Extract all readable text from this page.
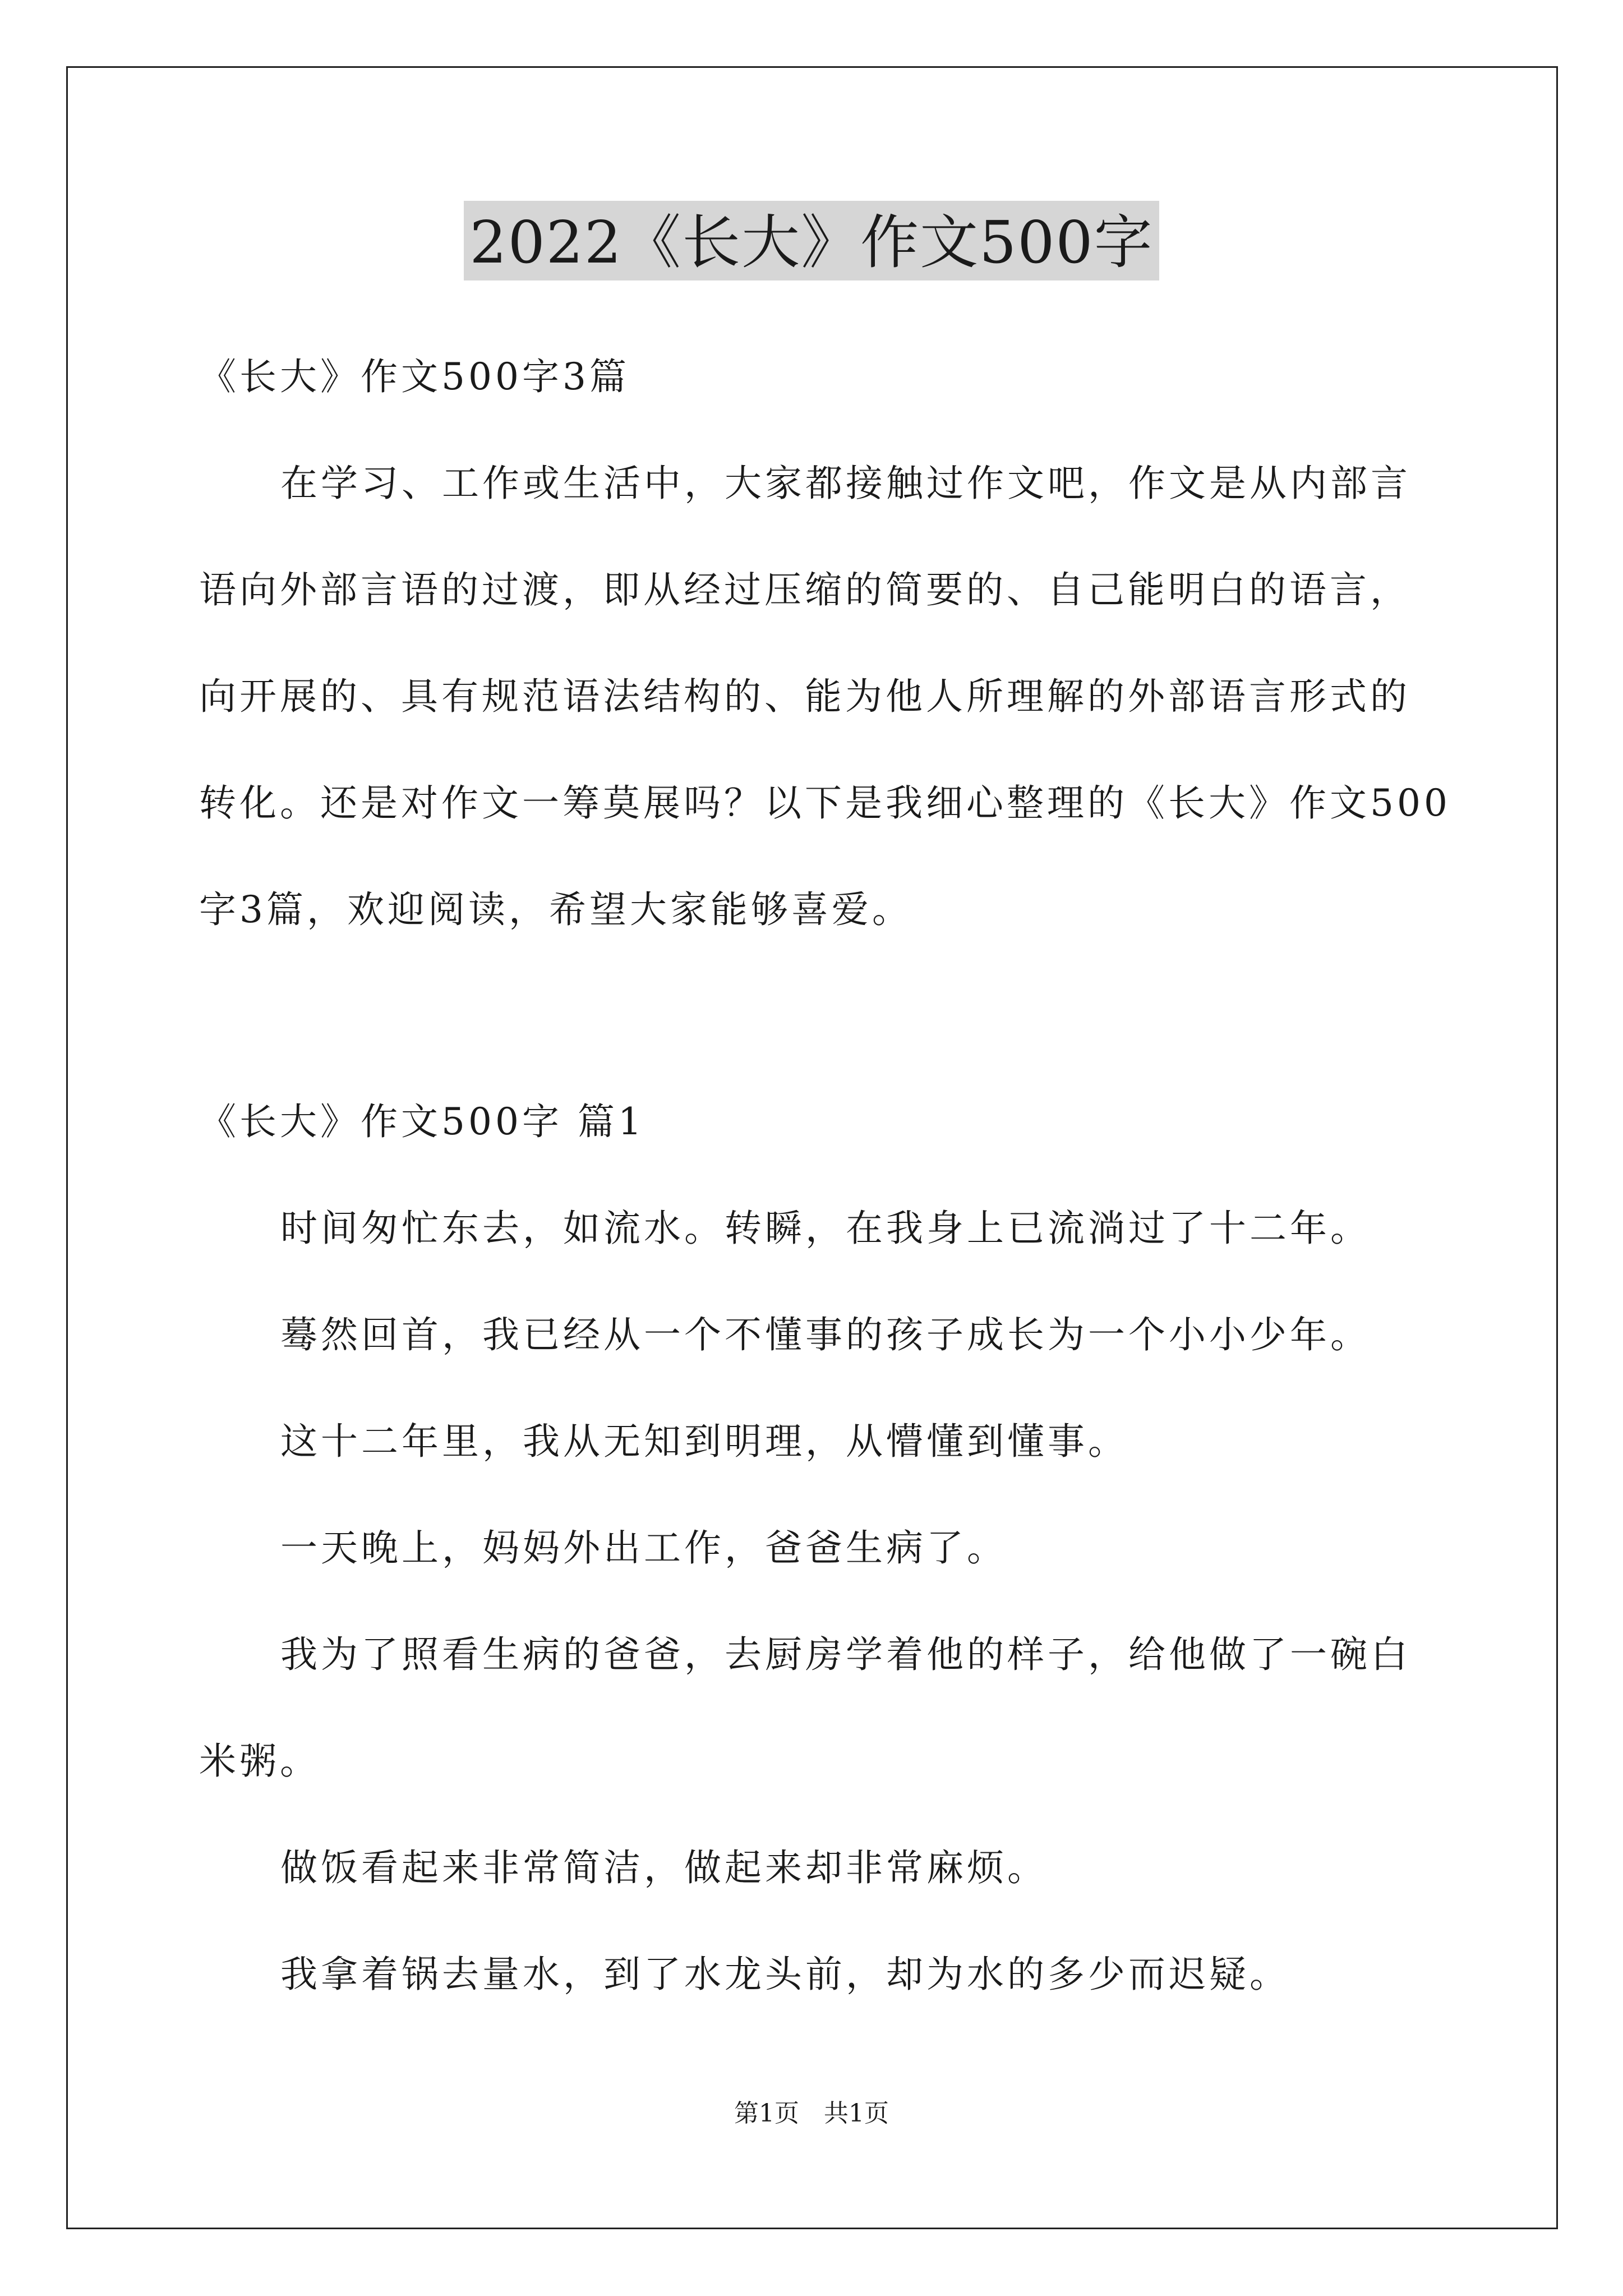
2022《长大》作文500字
《长大》作文500字3篇
在学习、工作或生活中，大家都接触过作文吧，作文是从内部言
语向外部言语的过渡，即从经过压缩的简要的、自己能明白的语言，
向开展的、具有规范语法结构的、能为他人所理解的外部语言形式的
转化。还是对作文一筹莫展吗？以下是我细心整理的《长大》作文500
字3篇，欢迎阅读，希望大家能够喜爱。
《长大》作文500字 篇1
时间匆忙东去，如流水。转瞬，在我身上已流淌过了十二年。
蓦然回首，我已经从一个不懂事的孩子成长为一个小小少年。
这十二年里，我从无知到明理，从懵懂到懂事。
一天晚上，妈妈外出工作，爸爸生病了。
我为了照看生病的爸爸，去厨房学着他的样子，给他做了一碗白
米粥。
做饭看起来非常简洁，做起来却非常麻烦。
我拿着锅去量水，到了水龙头前，却为水的多少而迟疑。
第1页　共1页
